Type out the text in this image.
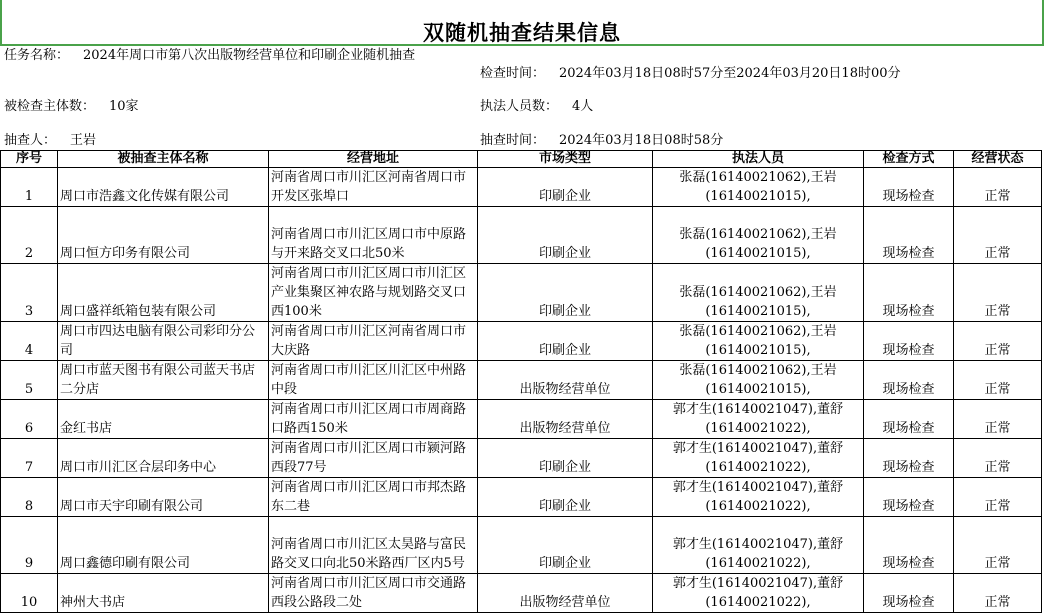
双随机抽查结果信息
任务名称： 2024年周口市第八次出版物经营单位和印刷企业随机抽查
检查时间： 2024年03月18日08时57分至2024年03月20日18时00分
被检查主体数： 10家	执法人员数： 4人
抽查人： 王岩	抽查时间： 2024年03月18日08时58分
序号	被抽查主体名称	经营地址	市场类型	执法人员	检查方式	经营状态
1	周口市浩鑫文化传媒有限公司	河南省周口市川汇区河南省周口市开发区张埠口	印刷企业	张磊(16140021062),王岩(16140021015),	现场检查	正常
2	周口恒方印务有限公司	河南省周口市川汇区周口市中原路与开来路交叉口北50米	印刷企业	张磊(16140021062),王岩(16140021015),	现场检查	正常
3	周口盛祥纸箱包装有限公司	河南省周口市川汇区周口市川汇区产业集聚区神农路与规划路交叉口西100米	印刷企业	张磊(16140021062),王岩(16140021015),	现场检查	正常
4	周口市四达电脑有限公司彩印分公司	河南省周口市川汇区河南省周口市大庆路	印刷企业	张磊(16140021062),王岩(16140021015),	现场检查	正常
5	周口市蓝天图书有限公司蓝天书店二分店	河南省周口市川汇区川汇区中州路中段	出版物经营单位	张磊(16140021062),王岩(16140021015),	现场检查	正常
6	金红书店	河南省周口市川汇区周口市周商路口路西150米	出版物经营单位	郭才生(16140021047),董舒(16140021022),	现场检查	正常
7	周口市川汇区合层印务中心	河南省周口市川汇区周口市颍河路西段77号	印刷企业	郭才生(16140021047),董舒(16140021022),	现场检查	正常
8	周口市天宇印刷有限公司	河南省周口市川汇区周口市邦杰路东二巷	印刷企业	郭才生(16140021047),董舒(16140021022),	现场检查	正常
9	周口鑫德印刷有限公司	河南省周口市川汇区太昊路与富民路交叉口向北50米路西厂区内5号	印刷企业	郭才生(16140021047),董舒(16140021022),	现场检查	正常
10	神州大书店	河南省周口市川汇区周口市交通路西段公路段二处	出版物经营单位	郭才生(16140021047),董舒(16140021022),	现场检查	正常
